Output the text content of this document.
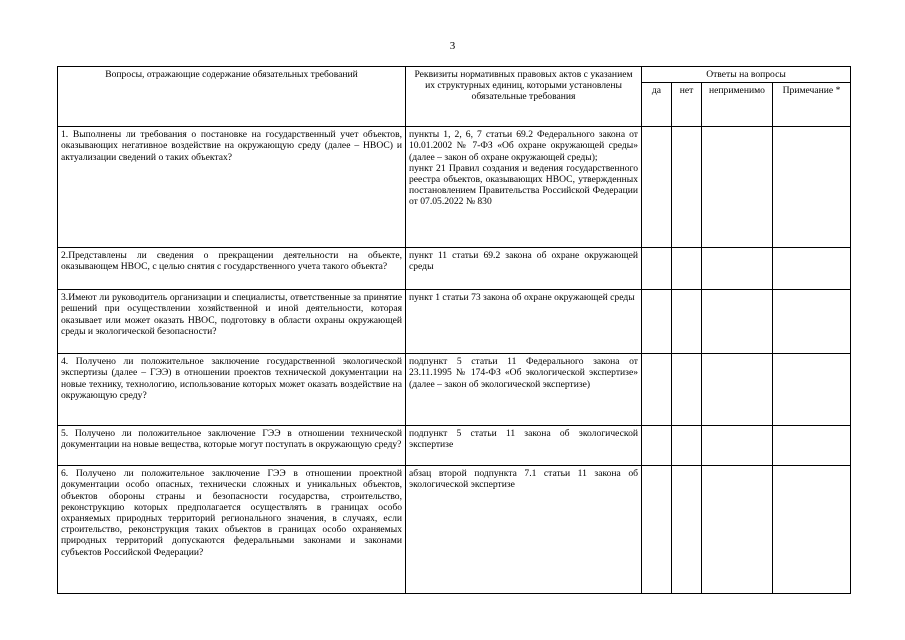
3
Вопросы, отражающие содержание обязательных требований	Реквизиты нормативных правовых актов с указанием их структурных единиц, которыми установлены обязательные требования	Ответы на вопросы			
		да	нет	неприменимо	Примечание *
1. Выполнены ли требования о постановке на государственный учет объектов, оказывающих негативное воздействие на окружающую среду (далее – НВОС) и актуализации сведений о таких объектах?	пункты 1, 2, 6, 7 статьи 69.2 Федерального закона от 10.01.2002 № 7-ФЗ «Об охране окружающей среды» (далее – закон об охране окружающей среды);
пункт 21 Правил создания и ведения государственного реестра объектов, оказывающих НВОС, утвержденных постановлением Правительства Российской Федерации от 07.05.2022 № 830				

2.Представлены ли сведения о прекращении деятельности на объекте, оказывающем НВОС, с целью снятия с государственного учета такого объекта?	пункт 11 статьи 69.2 закона об охране окружающей среды				

3.Имеют ли руководитель организации и специалисты, ответственные за принятие решений при осуществлении хозяйственной и иной деятельности, которая оказывает или может оказать НВОС, подготовку в области охраны окружающей среды и экологической безопасности?	пункт 1 статьи 73 закона об охране окружающей среды				

4. Получено ли положительное заключение государственной экологической экспертизы (далее – ГЭЭ) в отношении проектов технической документации на новые технику, технологию, использование которых может оказать воздействие на окружающую среду?	подпункт 5 статьи 11 Федерального закона от 23.11.1995 № 174-ФЗ «Об экологической экспертизе» (далее – закон об экологической экспертизе)				

5. Получено ли положительное заключение ГЭЭ в отношении технической документации на новые вещества, которые могут поступать в окружающую среду?	подпункт 5 статьи 11 закона об экологической экспертизе				

6. Получено ли положительное заключение ГЭЭ в отношении проектной документации особо опасных, технически сложных и уникальных объектов, объектов обороны страны и безопасности государства, строительство, реконструкцию которых предполагается осуществлять в границах особо охраняемых природных территорий регионального значения, в случаях, если строительство, реконструкция таких объектов в границах особо охраняемых природных территорий допускаются федеральными законами и законами субъектов Российской Федерации?	абзац второй подпункта 7.1 статьи 11 закона об экологической экспертизе				
